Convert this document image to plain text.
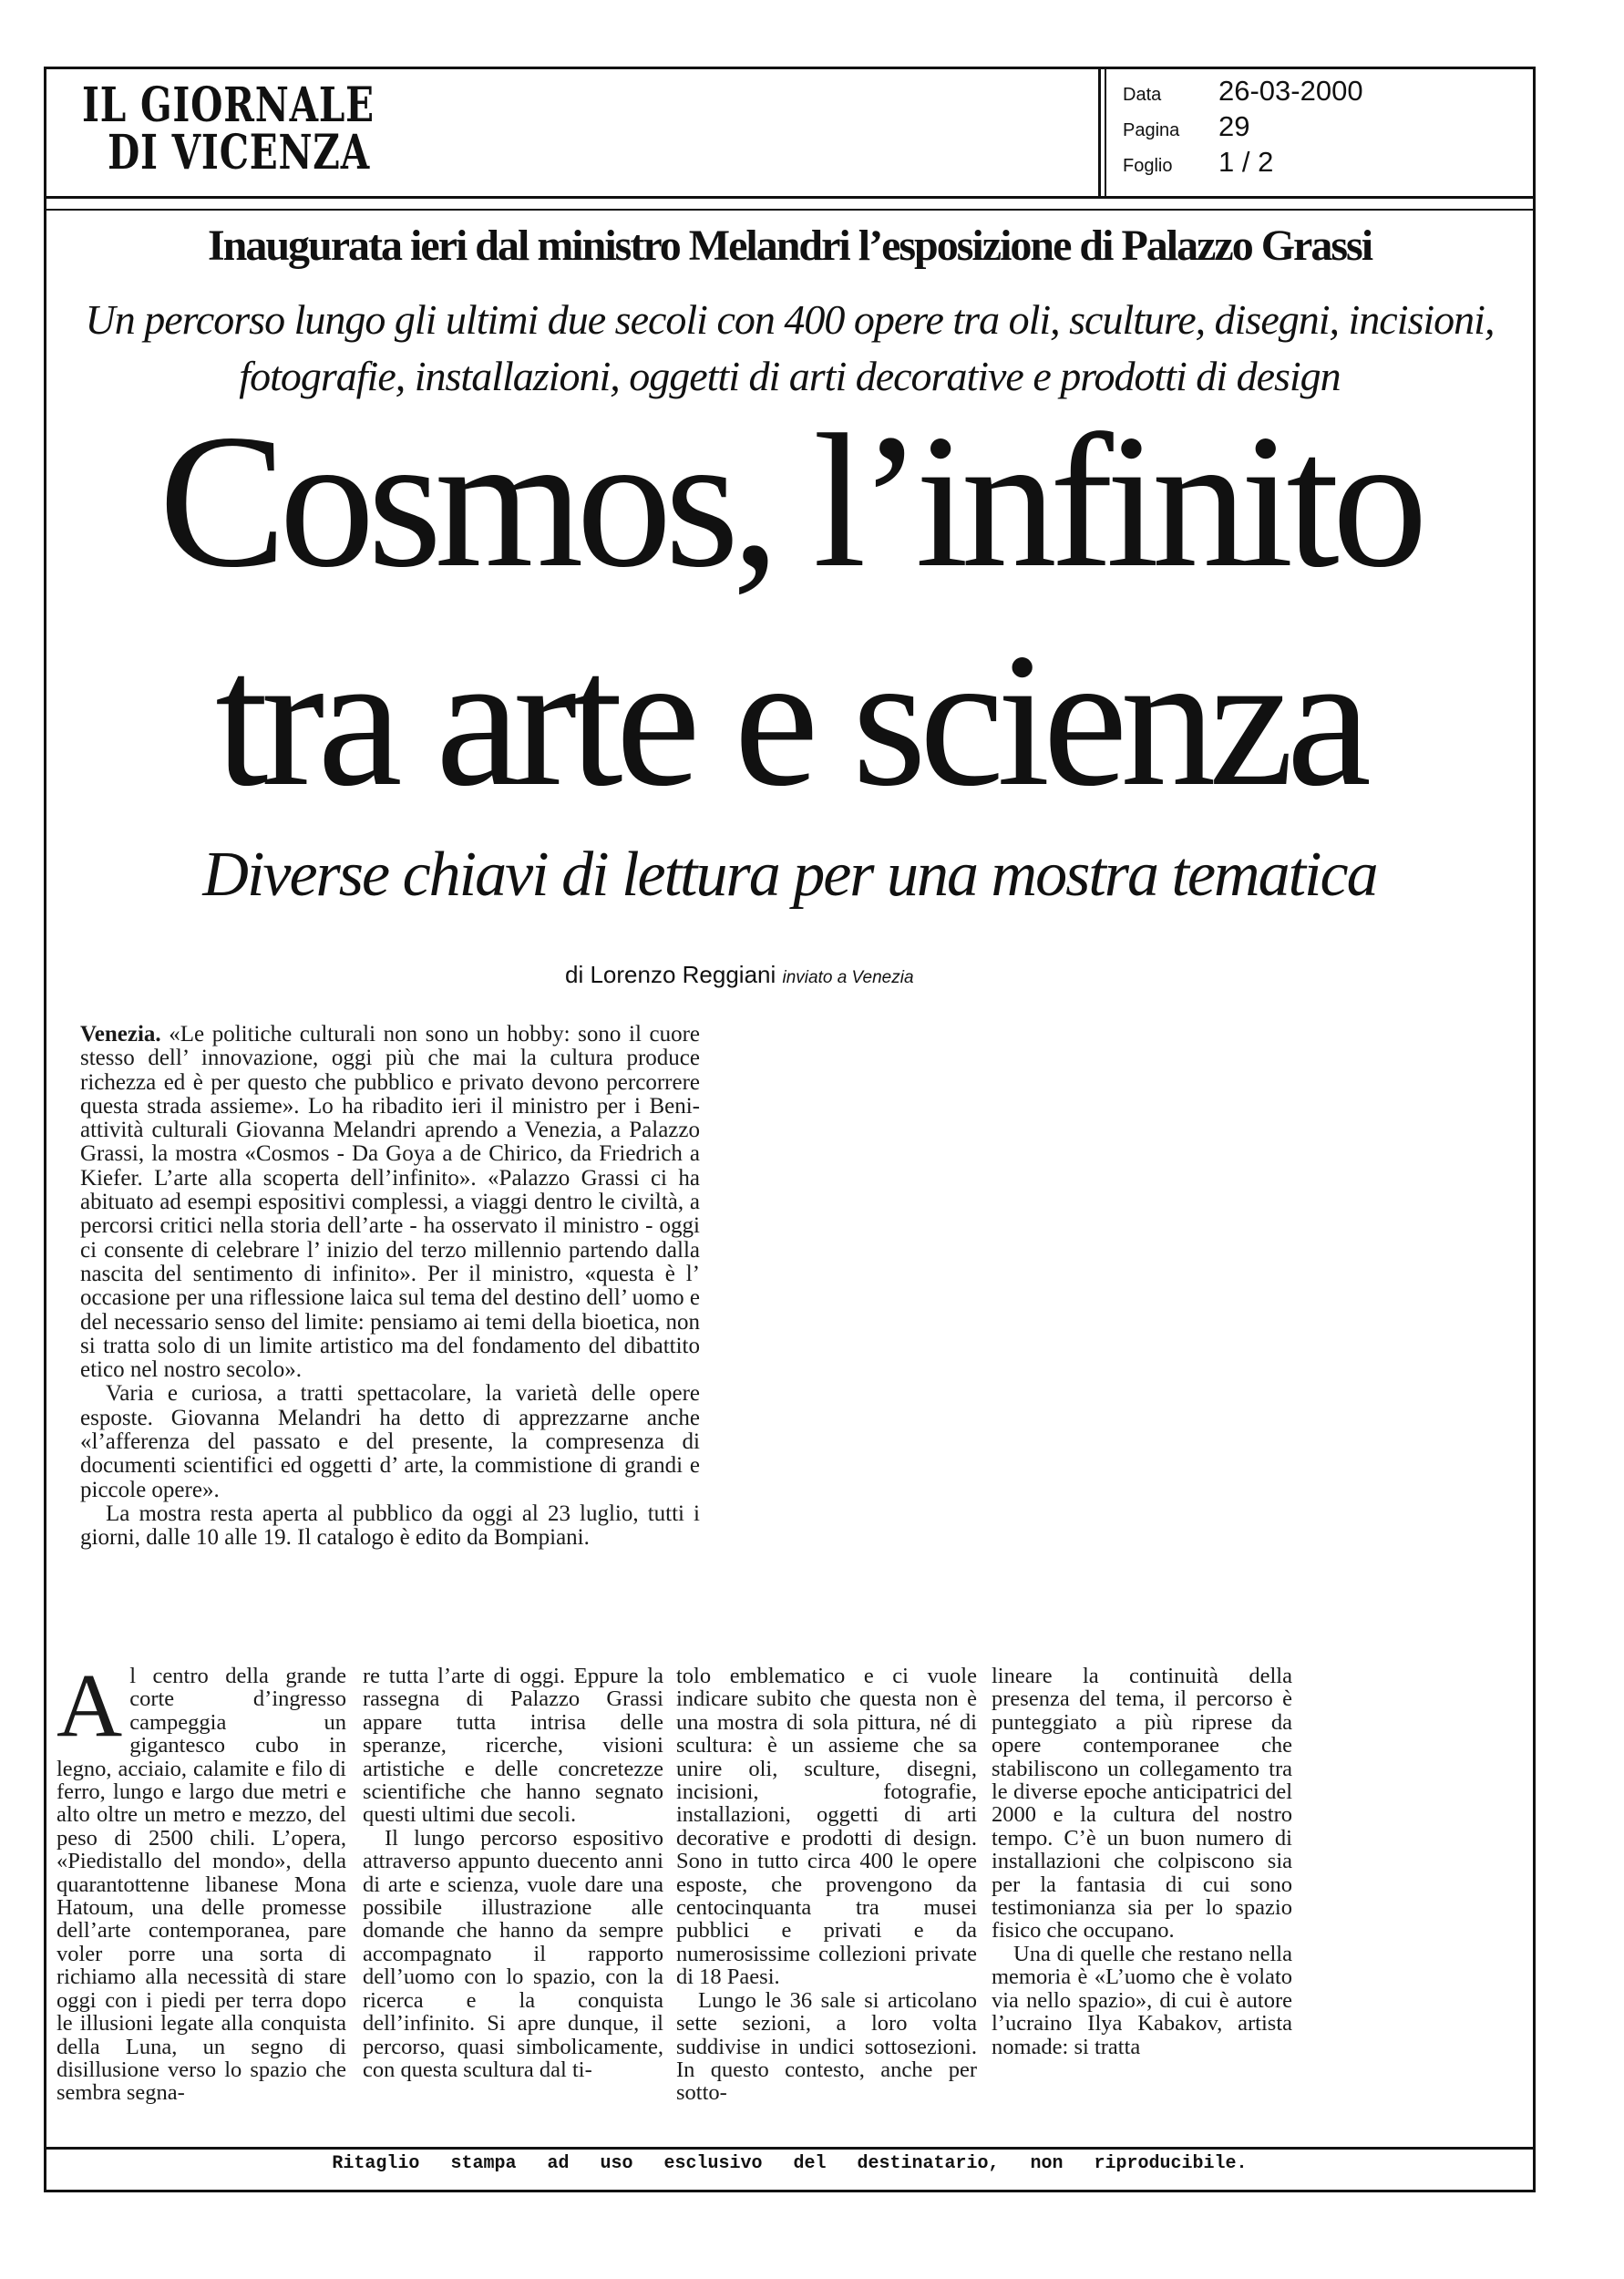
IL GIORNALE
DI VICENZA
Data 26-03-2000
Pagina 29
Foglio 1 / 2
Inaugurata ieri dal ministro Melandri l’esposizione di Palazzo Grassi
Un percorso lungo gli ultimi due secoli con 400 opere tra oli, sculture, disegni, incisioni,
fotografie, installazioni, oggetti di arti decorative e prodotti di design
Cosmos, l’infinito
tra arte e scienza
Diverse chiavi di lettura per una mostra tematica
di Lorenzo Reggiani inviato a Venezia

Venezia. «Le politiche culturali non sono un hobby: sono il cuore stesso dell’ innovazione, oggi più che mai la cultura produce richezza ed è per questo che pubblico e privato devono percorrere questa strada assieme». Lo ha ribadito ieri il ministro per i Beni-attività culturali Giovanna Melandri aprendo a Venezia, a Palazzo Grassi, la mostra «Cosmos - Da Goya a de Chirico, da Friedrich a Kiefer. L’arte alla scoperta dell’infinito». «Palazzo Grassi ci ha abituato ad esempi espositivi complessi, a viaggi dentro le civiltà, a percorsi critici nella storia dell’arte - ha osservato il ministro - oggi ci consente di celebrare l’ inizio del terzo millennio partendo dalla nascita del sentimento di infinito». Per il ministro, «questa è l’ occasione per una riflessione laica sul tema del destino dell’ uomo e del necessario senso del limite: pensiamo ai temi della bioetica, non si tratta solo di un limite artistico ma del fondamento del dibattito etico nel nostro secolo».

Varia e curiosa, a tratti spettacolare, la varietà delle opere esposte. Giovanna Melandri ha detto di apprezzarne anche «l’afferenza del passato e del presente, la compresenza di documenti scientifici ed oggetti d’ arte, la commistione di grandi e piccole opere».

La mostra resta aperta al pubblico da oggi al 23 luglio, tutti i giorni, dalle 10 alle 19. Il catalogo è edito da Bompiani.

A l centro della grande corte d’ingresso campeggia un gigantesco cubo in legno, acciaio, calamite e filo di ferro, lungo e largo due metri e alto oltre un metro e mezzo, del peso di 2500 chili. L’opera, «Piedistallo del mondo», della quarantottenne libanese Mona Hatoum, una delle promesse dell’arte contemporanea, pare voler porre una sorta di richiamo alla necessità di stare oggi con i piedi per terra dopo le illusioni legate alla conquista della Luna, un segno di disillusione verso lo spazio che sembra segna-

re tutta l’arte di oggi. Eppure la rassegna di Palazzo Grassi appare tutta intrisa delle speranze, ricerche, visioni artistiche e delle concretezze scientifiche che hanno segnato questi ultimi due secoli.

Il lungo percorso espositivo attraverso appunto duecento anni di arte e scienza, vuole dare una possibile illustrazione alle domande che hanno da sempre accompagnato il rapporto dell’uomo con lo spazio, con la ricerca e la conquista dell’infinito. Si apre dunque, il percorso, quasi simbolicamente, con questa scultura dal ti-

tolo emblematico e ci vuole indicare subito che questa non è una mostra di sola pittura, né di scultura: è un assieme che sa unire oli, sculture, disegni, incisioni, fotografie, installazioni, oggetti di arti decorative e prodotti di design. Sono in tutto circa 400 le opere esposte, che provengono da centocinquanta tra musei pubblici e privati e da numerosissime collezioni private di 18 Paesi.

Lungo le 36 sale si articolano sette sezioni, a loro volta suddivise in undici sottosezioni. In questo contesto, anche per sotto-

lineare la continuità della presenza del tema, il percorso è punteggiato a più riprese da opere contemporanee che stabiliscono un collegamento tra le diverse epoche anticipatrici del 2000 e la cultura del nostro tempo. C’è un buon numero di installazioni che colpiscono sia per la fantasia di cui sono testimonianza sia per lo spazio fisico che occupano.

Una di quelle che restano nella memoria è «L’uomo che è volato via nello spazio», di cui è autore l’ucraino Ilya Kabakov, artista nomade: si tratta

Ritaglio stampa ad uso esclusivo del destinatario, non riproducibile.
